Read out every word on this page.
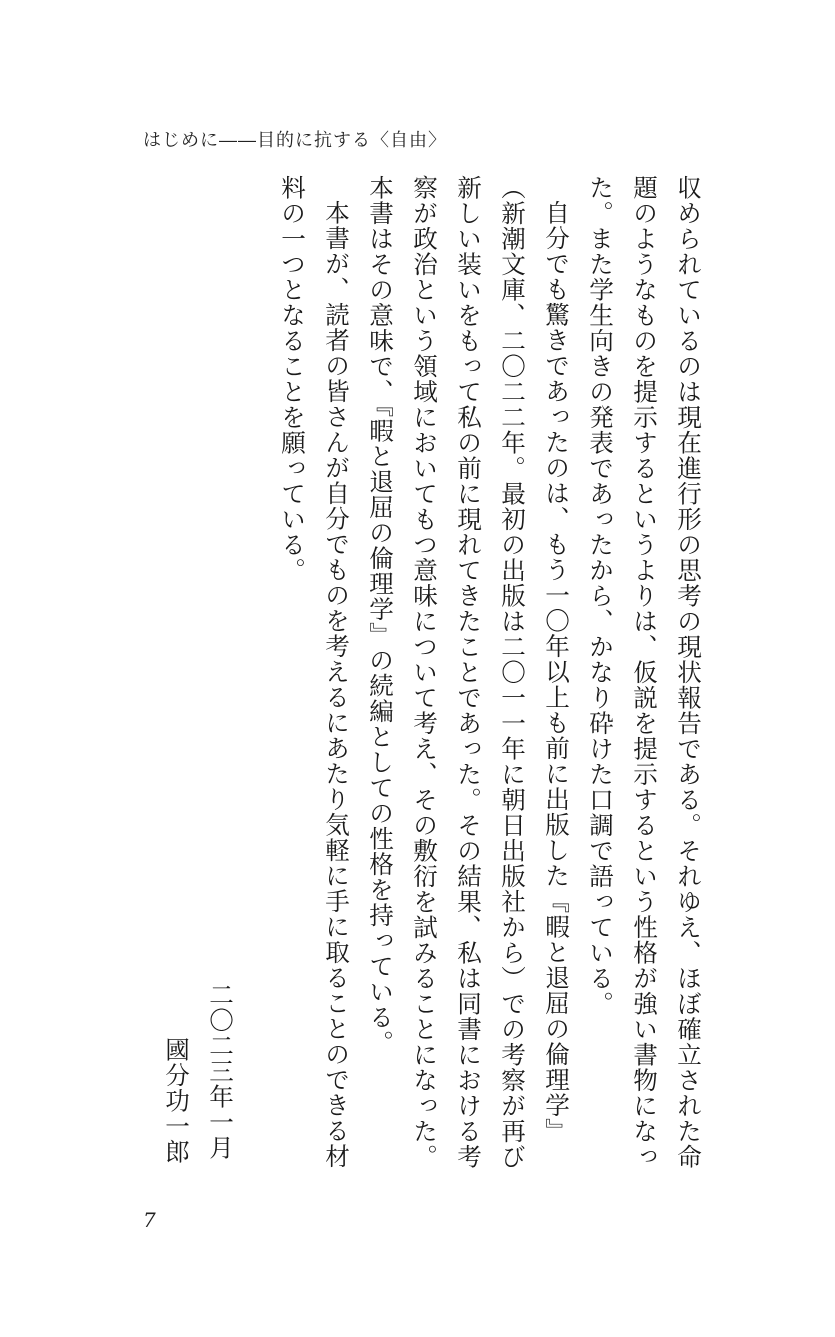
はじめに――目的に抗する〈自由〉

収められているのは現在進行形の思考の現状報告である。それゆえ、ほぼ確立された命題のようなものを提示するというよりは、仮説を提示するという性格が強い書物になった。また学生向きの発表であったから、かなり砕けた口調で語っている。

自分でも驚きであったのは、もう一〇年以上も前に出版した『暇と退屈の倫理学』（新潮文庫、二〇二二年。最初の出版は二〇一一年に朝日出版社から）での考察が再び新しい装いをもって私の前に現れてきたことであった。その結果、私は同書における考察が政治という領域においてもつ意味について考え、その敷衍を試みることになった。本書はその意味で、『暇と退屈の倫理学』の続編としての性格を持っている。

本書が、読者の皆さんが自分でものを考えるにあたり気軽に手に取ることのできる材料の一つとなることを願っている。

二〇二三年一月

國分功一郎

7
